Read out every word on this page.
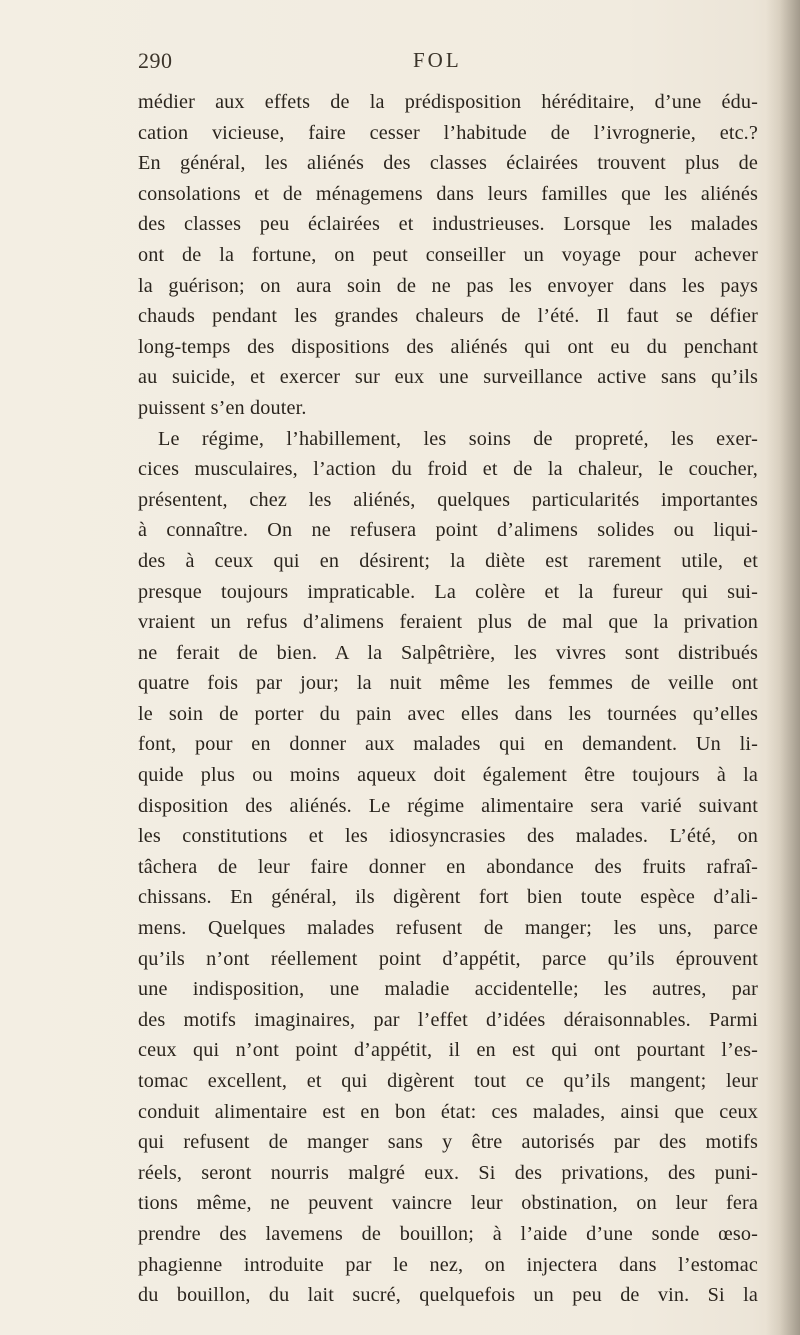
290	FOL
médier aux effets de la prédisposition héréditaire, d’une édu-
cation vicieuse, faire cesser l’habitude de l’ivrognerie, etc.?
En général, les aliénés des classes éclairées trouvent plus de
consolations et de ménagemens dans leurs familles que les aliénés
des classes peu éclairées et industrieuses. Lorsque les malades
ont de la fortune, on peut conseiller un voyage pour achever
la guérison; on aura soin de ne pas les envoyer dans les pays
chauds pendant les grandes chaleurs de l’été. Il faut se défier
long-temps des dispositions des aliénés qui ont eu du penchant
au suicide, et exercer sur eux une surveillance active sans qu’ils
puissent s’en douter.
Le régime, l’habillement, les soins de propreté, les exer-
cices musculaires, l’action du froid et de la chaleur, le coucher,
présentent, chez les aliénés, quelques particularités importantes
à connaître. On ne refusera point d’alimens solides ou liqui-
des à ceux qui en désirent; la diète est rarement utile, et
presque toujours impraticable. La colère et la fureur qui sui-
vraient un refus d’alimens feraient plus de mal que la privation
ne ferait de bien. A la Salpêtrière, les vivres sont distribués
quatre fois par jour; la nuit même les femmes de veille ont
le soin de porter du pain avec elles dans les tournées qu’elles
font, pour en donner aux malades qui en demandent. Un li-
quide plus ou moins aqueux doit également être toujours à la
disposition des aliénés. Le régime alimentaire sera varié suivant
les constitutions et les idiosyncrasies des malades. L’été, on
tâchera de leur faire donner en abondance des fruits rafraî-
chissans. En général, ils digèrent fort bien toute espèce d’ali-
mens. Quelques malades refusent de manger; les uns, parce
qu’ils n’ont réellement point d’appétit, parce qu’ils éprouvent
une indisposition, une maladie accidentelle; les autres, par
des motifs imaginaires, par l’effet d’idées déraisonnables. Parmi
ceux qui n’ont point d’appétit, il en est qui ont pourtant l’es-
tomac excellent, et qui digèrent tout ce qu’ils mangent; leur
conduit alimentaire est en bon état: ces malades, ainsi que ceux
qui refusent de manger sans y être autorisés par des motifs
réels, seront nourris malgré eux. Si des privations, des puni-
tions même, ne peuvent vaincre leur obstination, on leur fera
prendre des lavemens de bouillon; à l’aide d’une sonde œso-
phagienne introduite par le nez, on injectera dans l’estomac
du bouillon, du lait sucré, quelquefois un peu de vin. Si la
